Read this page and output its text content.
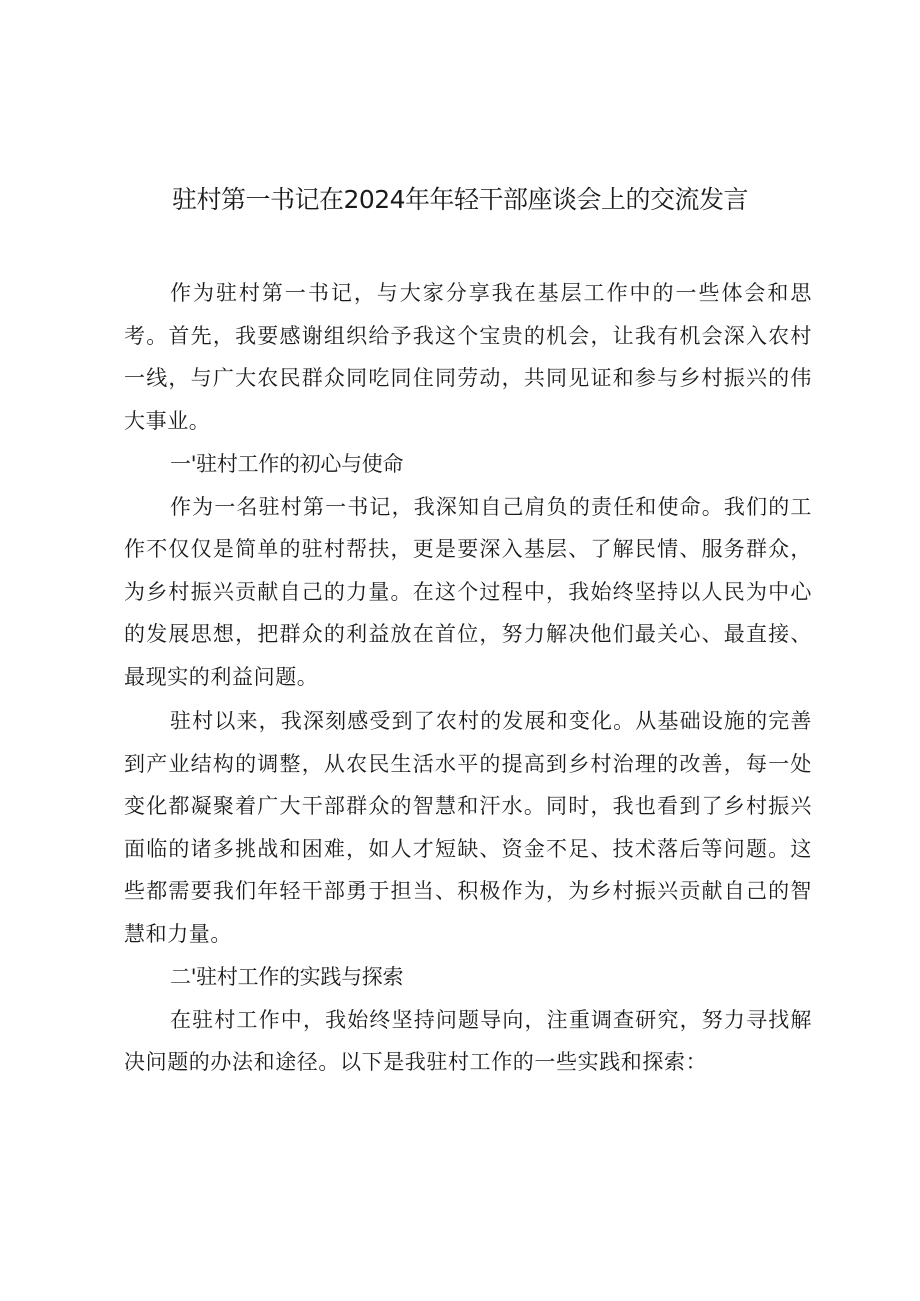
驻村第一书记在2024年年轻干部座谈会上的交流发言

作为驻村第一书记，与大家分享我在基层工作中的一些体会和思考。首先，我要感谢组织给予我这个宝贵的机会，让我有机会深入农村一线，与广大农民群众同吃同住同劳动，共同见证和参与乡村振兴的伟大事业。

一'驻村工作的初心与使命

作为一名驻村第一书记，我深知自己肩负的责任和使命。我们的工作不仅仅是简单的驻村帮扶，更是要深入基层、了解民情、服务群众，为乡村振兴贡献自己的力量。在这个过程中，我始终坚持以人民为中心的发展思想，把群众的利益放在首位，努力解决他们最关心、最直接、最现实的利益问题。

驻村以来，我深刻感受到了农村的发展和变化。从基础设施的完善到产业结构的调整，从农民生活水平的提高到乡村治理的改善，每一处变化都凝聚着广大干部群众的智慧和汗水。同时，我也看到了乡村振兴面临的诸多挑战和困难，如人才短缺、资金不足、技术落后等问题。这些都需要我们年轻干部勇于担当、积极作为，为乡村振兴贡献自己的智慧和力量。

二'驻村工作的实践与探索

在驻村工作中，我始终坚持问题导向，注重调查研究，努力寻找解决问题的办法和途径。以下是我驻村工作的一些实践和探索：
